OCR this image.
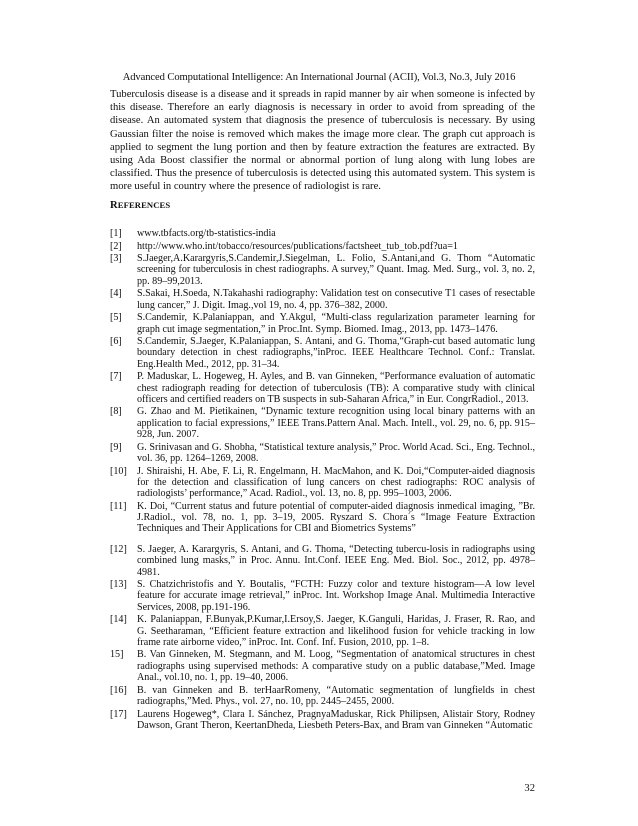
Advanced Computational Intelligence: An International Journal (ACII), Vol.3, No.3, July 2016
Tuberculosis disease is a disease and it spreads in rapid manner by air when someone is infected by this disease. Therefore an early diagnosis is necessary in order to avoid from spreading of the disease. An automated system that diagnosis the presence of tuberculosis is necessary. By using Gaussian filter the noise is removed which makes the image more clear. The graph cut approach is applied to segment the lung portion and then by feature extraction the features are extracted. By using Ada Boost classifier the normal or abnormal portion of lung along with lung lobes are classified. Thus the presence of tuberculosis is detected using this automated system. This system is more useful in country where the presence of radiologist is rare.
REFERENCES
[1] www.tbfacts.org/tb-statistics-india
[2] http://www.who.int/tobacco/resources/publications/factsheet_tub_tob.pdf?ua=1
[3] S.Jaeger,A.Karargyris,S.Candemir,J.Siegelman, L. Folio, S.Antani,and G. Thom “Automatic screening for tuberculosis in chest radiographs. A survey,” Quant. Imag. Med. Surg., vol. 3, no. 2, pp. 89–99,2013.
[4] S.Sakai, H.Soeda, N.Takahashi radiography: Validation test on consecutive T1 cases of resectable lung cancer,” J. Digit. Imag.,vol 19, no. 4, pp. 376–382, 2000.
[5] S.Candemir, K.Palaniappan, and Y.Akgul, “Multi-class regularization parameter learning for graph cut image segmentation,” in Proc.Int. Symp. Biomed. Imag., 2013, pp. 1473–1476.
[6] S.Candemir, S.Jaeger, K.Palaniappan, S. Antani, and G. Thoma,“Graph-cut based automatic lung boundary detection in chest radiographs,”inProc. IEEE Healthcare Technol. Conf.: Translat. Eng.Health Med., 2012, pp. 31–34.
[7] P. Maduskar, L. Hogeweg, H. Ayles, and B. van Ginneken, “Performance evaluation of automatic chest radiograph reading for detection of tuberculosis (TB): A comparative study with clinical officers and certified readers on TB suspects in sub-Saharan Africa,” in Eur. CongrRadiol., 2013.
[8] G. Zhao and M. Pietikainen, “Dynamic texture recognition using local binary patterns with an application to facial expressions,” IEEE Trans.Pattern Anal. Mach. Intell., vol. 29, no. 6, pp. 915–928, Jun. 2007.
[9] G. Srinivasan and G. Shobha, “Statistical texture analysis,” Proc. World Acad. Sci., Eng. Technol., vol. 36, pp. 1264–1269, 2008.
[10] J. Shiraishi, H. Abe, F. Li, R. Engelmann, H. MacMahon, and K. Doi,“Computer-aided diagnosis for the detection and classification of lung cancers on chest radiographs: ROC analysis of radiologists’ performance,” Acad. Radiol., vol. 13, no. 8, pp. 995–1003, 2006.
[11] K. Doi, “Current status and future potential of computer-aided diagnosis inmedical imaging, ”Br. J.Radiol., vol. 78, no. 1, pp. 3–19, 2005. Ryszard S. Chora´s “Image Feature Extraction Techniques and Their Applications for CBI and Biometrics Systems”
[12] S. Jaeger, A. Karargyris, S. Antani, and G. Thoma, “Detecting tubercu-losis in radiographs using combined lung masks,” in Proc. Annu. Int.Conf. IEEE Eng. Med. Biol. Soc., 2012, pp. 4978–4981.
[13] S. Chatzichristofis and Y. Boutalis, “FCTH: Fuzzy color and texture histogram—A low level feature for accurate image retrieval,” inProc. Int. Workshop Image Anal. Multimedia Interactive Services, 2008, pp.191-196.
[14] K. Palaniappan, F.Bunyak,P.Kumar,I.Ersoy,S. Jaeger, K.Ganguli, Haridas, J. Fraser, R. Rao, and G. Seetharaman, “Efficient feature extraction and likelihood fusion for vehicle tracking in low frame rate airborne video,” inProc. Int. Conf. Inf. Fusion, 2010, pp. 1–8.
15] B. Van Ginneken, M. Stegmann, and M. Loog, “Segmentation of anatomical structures in chest radiographs using supervised methods: A comparative study on a public database,”Med. Image Anal., vol.10, no. 1, pp. 19–40, 2006.
[16] B. van Ginneken and B. terHaarRomeny, “Automatic segmentation of lungfields in chest radiographs,”Med. Phys., vol. 27, no. 10, pp. 2445–2455, 2000.
[17] Laurens Hogeweg*, Clara I. Sánchez, PragnyaMaduskar, Rick Philipsen, Alistair Story, Rodney Dawson, Grant Theron, KeertanDheda, Liesbeth Peters-Bax, and Bram van Ginneken “Automatic
32
